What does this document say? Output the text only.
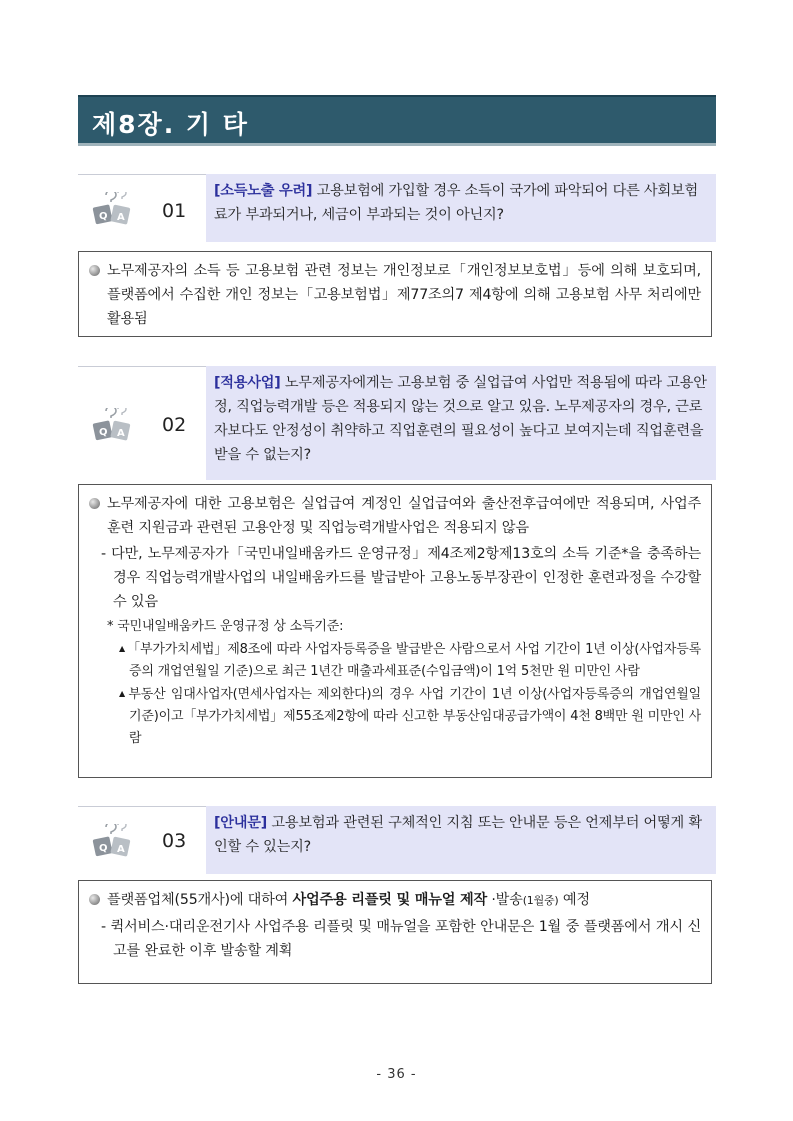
제8장. 기 타
Q A 01
[소득노출 우려] 고용보험에 가입할 경우 소득이 국가에 파악되어 다른 사회보험료가 부과되거나, 세금이 부과되는 것이 아닌지?
노무제공자의 소득 등 고용보험 관련 정보는 개인정보로「개인정보보호법」등에 의해 보호되며, 플랫폼에서 수집한 개인 정보는「고용보험법」제77조의7 제4항에 의해 고용보험 사무 처리에만 활용됨
Q A 02
[적용사업] 노무제공자에게는 고용보험 중 실업급여 사업만 적용됨에 따라 고용안정, 직업능력개발 등은 적용되지 않는 것으로 알고 있음. 노무제공자의 경우, 근로자보다도 안정성이 취약하고 직업훈련의 필요성이 높다고 보여지는데 직업훈련을 받을 수 없는지?
노무제공자에 대한 고용보험은 실업급여 계정인 실업급여와 출산전후급여에만 적용되며, 사업주 훈련 지원금과 관련된 고용안정 및 직업능력개발사업은 적용되지 않음
- 다만, 노무제공자가「국민내일배움카드 운영규정」제4조제2항제13호의 소득 기준*을 충족하는 경우 직업능력개발사업의 내일배움카드를 발급받아 고용노동부장관이 인정한 훈련과정을 수강할 수 있음
* 국민내일배움카드 운영규정 상 소득기준:
▲ 「부가가치세법」제8조에 따라 사업자등록증을 발급받은 사람으로서 사업 기간이 1년 이상(사업자등록증의 개업연월일 기준)으로 최근 1년간 매출과세표준(수입금액)이 1억 5천만 원 미만인 사람
▲ 부동산 임대사업자(면세사업자는 제외한다)의 경우 사업 기간이 1년 이상(사업자등록증의 개업연월일 기준)이고「부가가치세법」제55조제2항에 따라 신고한 부동산임대공급가액이 4천 8백만 원 미만인 사람
Q A 03
[안내문] 고용보험과 관련된 구체적인 지침 또는 안내문 등은 언제부터 어떻게 확인할 수 있는지?
플랫폼업체(55개사)에 대하여 사업주용 리플릿 및 매뉴얼 제작 ·발송(1월중) 예정
- 퀵서비스·대리운전기사 사업주용 리플릿 및 매뉴얼을 포함한 안내문은 1월 중 플랫폼에서 개시 신고를 완료한 이후 발송할 계획
- 36 -
